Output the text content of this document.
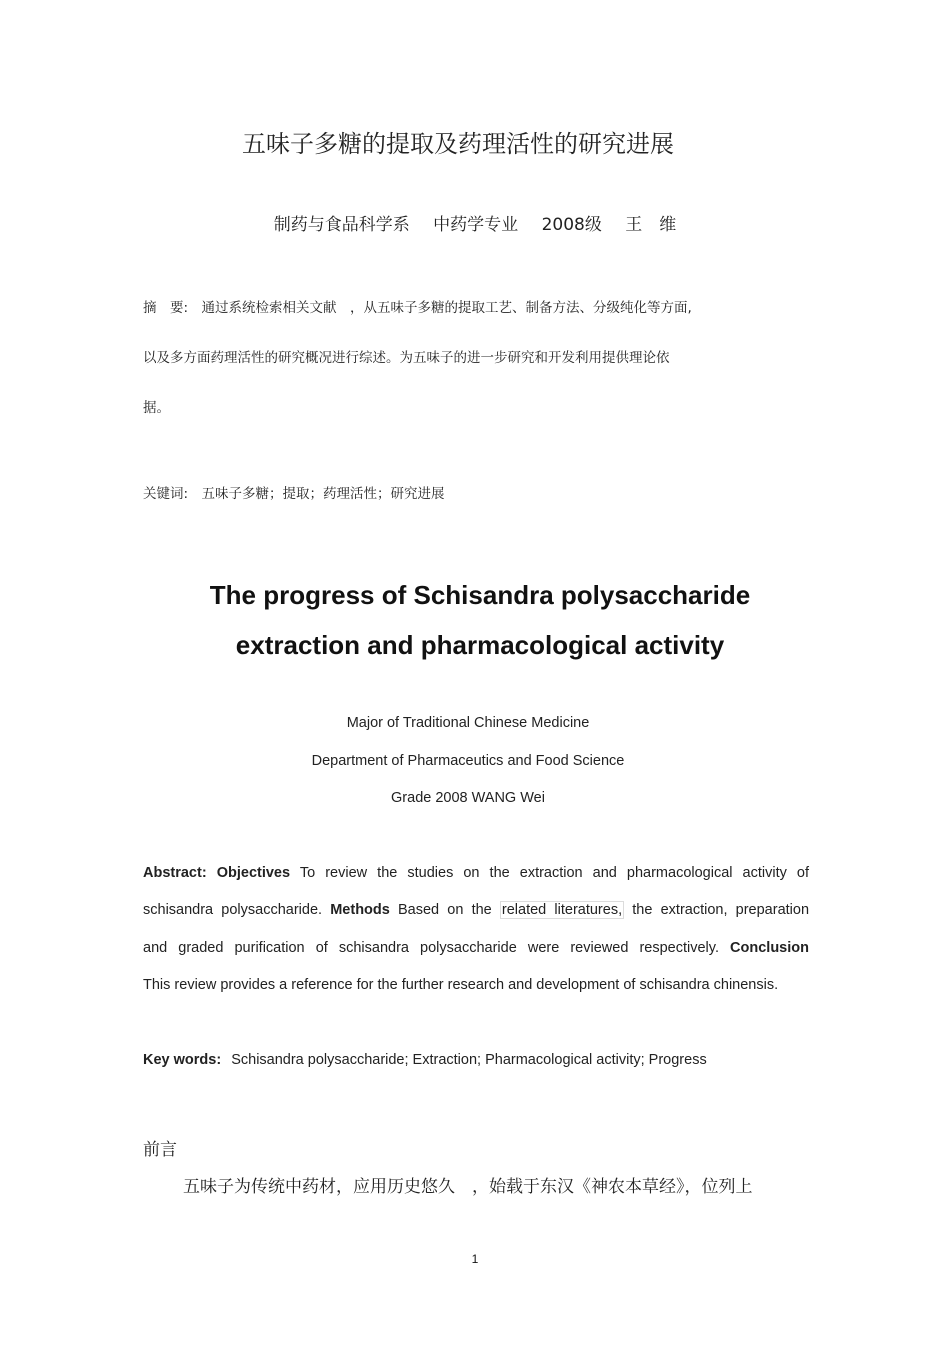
五味子多糖的提取及药理活性的研究进展
制药与食品科学系 中药学专业 2008级 王　维
摘　要:　通过系统检索相关文献　，从五味子多糖的提取工艺、制备方法、分级纯化等方面,
以及多方面药理活性的研究概况进行综述。为五味子的进一步研究和开发利用提供理论依
据。
关键词:　五味子多糖；提取；药理活性；研究进展
The progress of Schisandra polysaccharide
extraction and pharmacological activity
Major of Traditional Chinese Medicine
Department of Pharmaceutics and Food Science
Grade 2008 WANG Wei
Abstract: Objectives To review the studies on the extraction and pharmacological activity of
schisandra polysaccharide. Methods Based on the related literatures, the extraction, preparation
and graded purification of schisandra polysaccharide were reviewed respectively. Conclusion
This review provides a reference for the further research and development of schisandra chinensis.
Key words: Schisandra polysaccharide; Extraction; Pharmacological activity; Progress
前言
五味子为传统中药材，应用历史悠久　，始载于东汉《神农本草经》，位列上
1
